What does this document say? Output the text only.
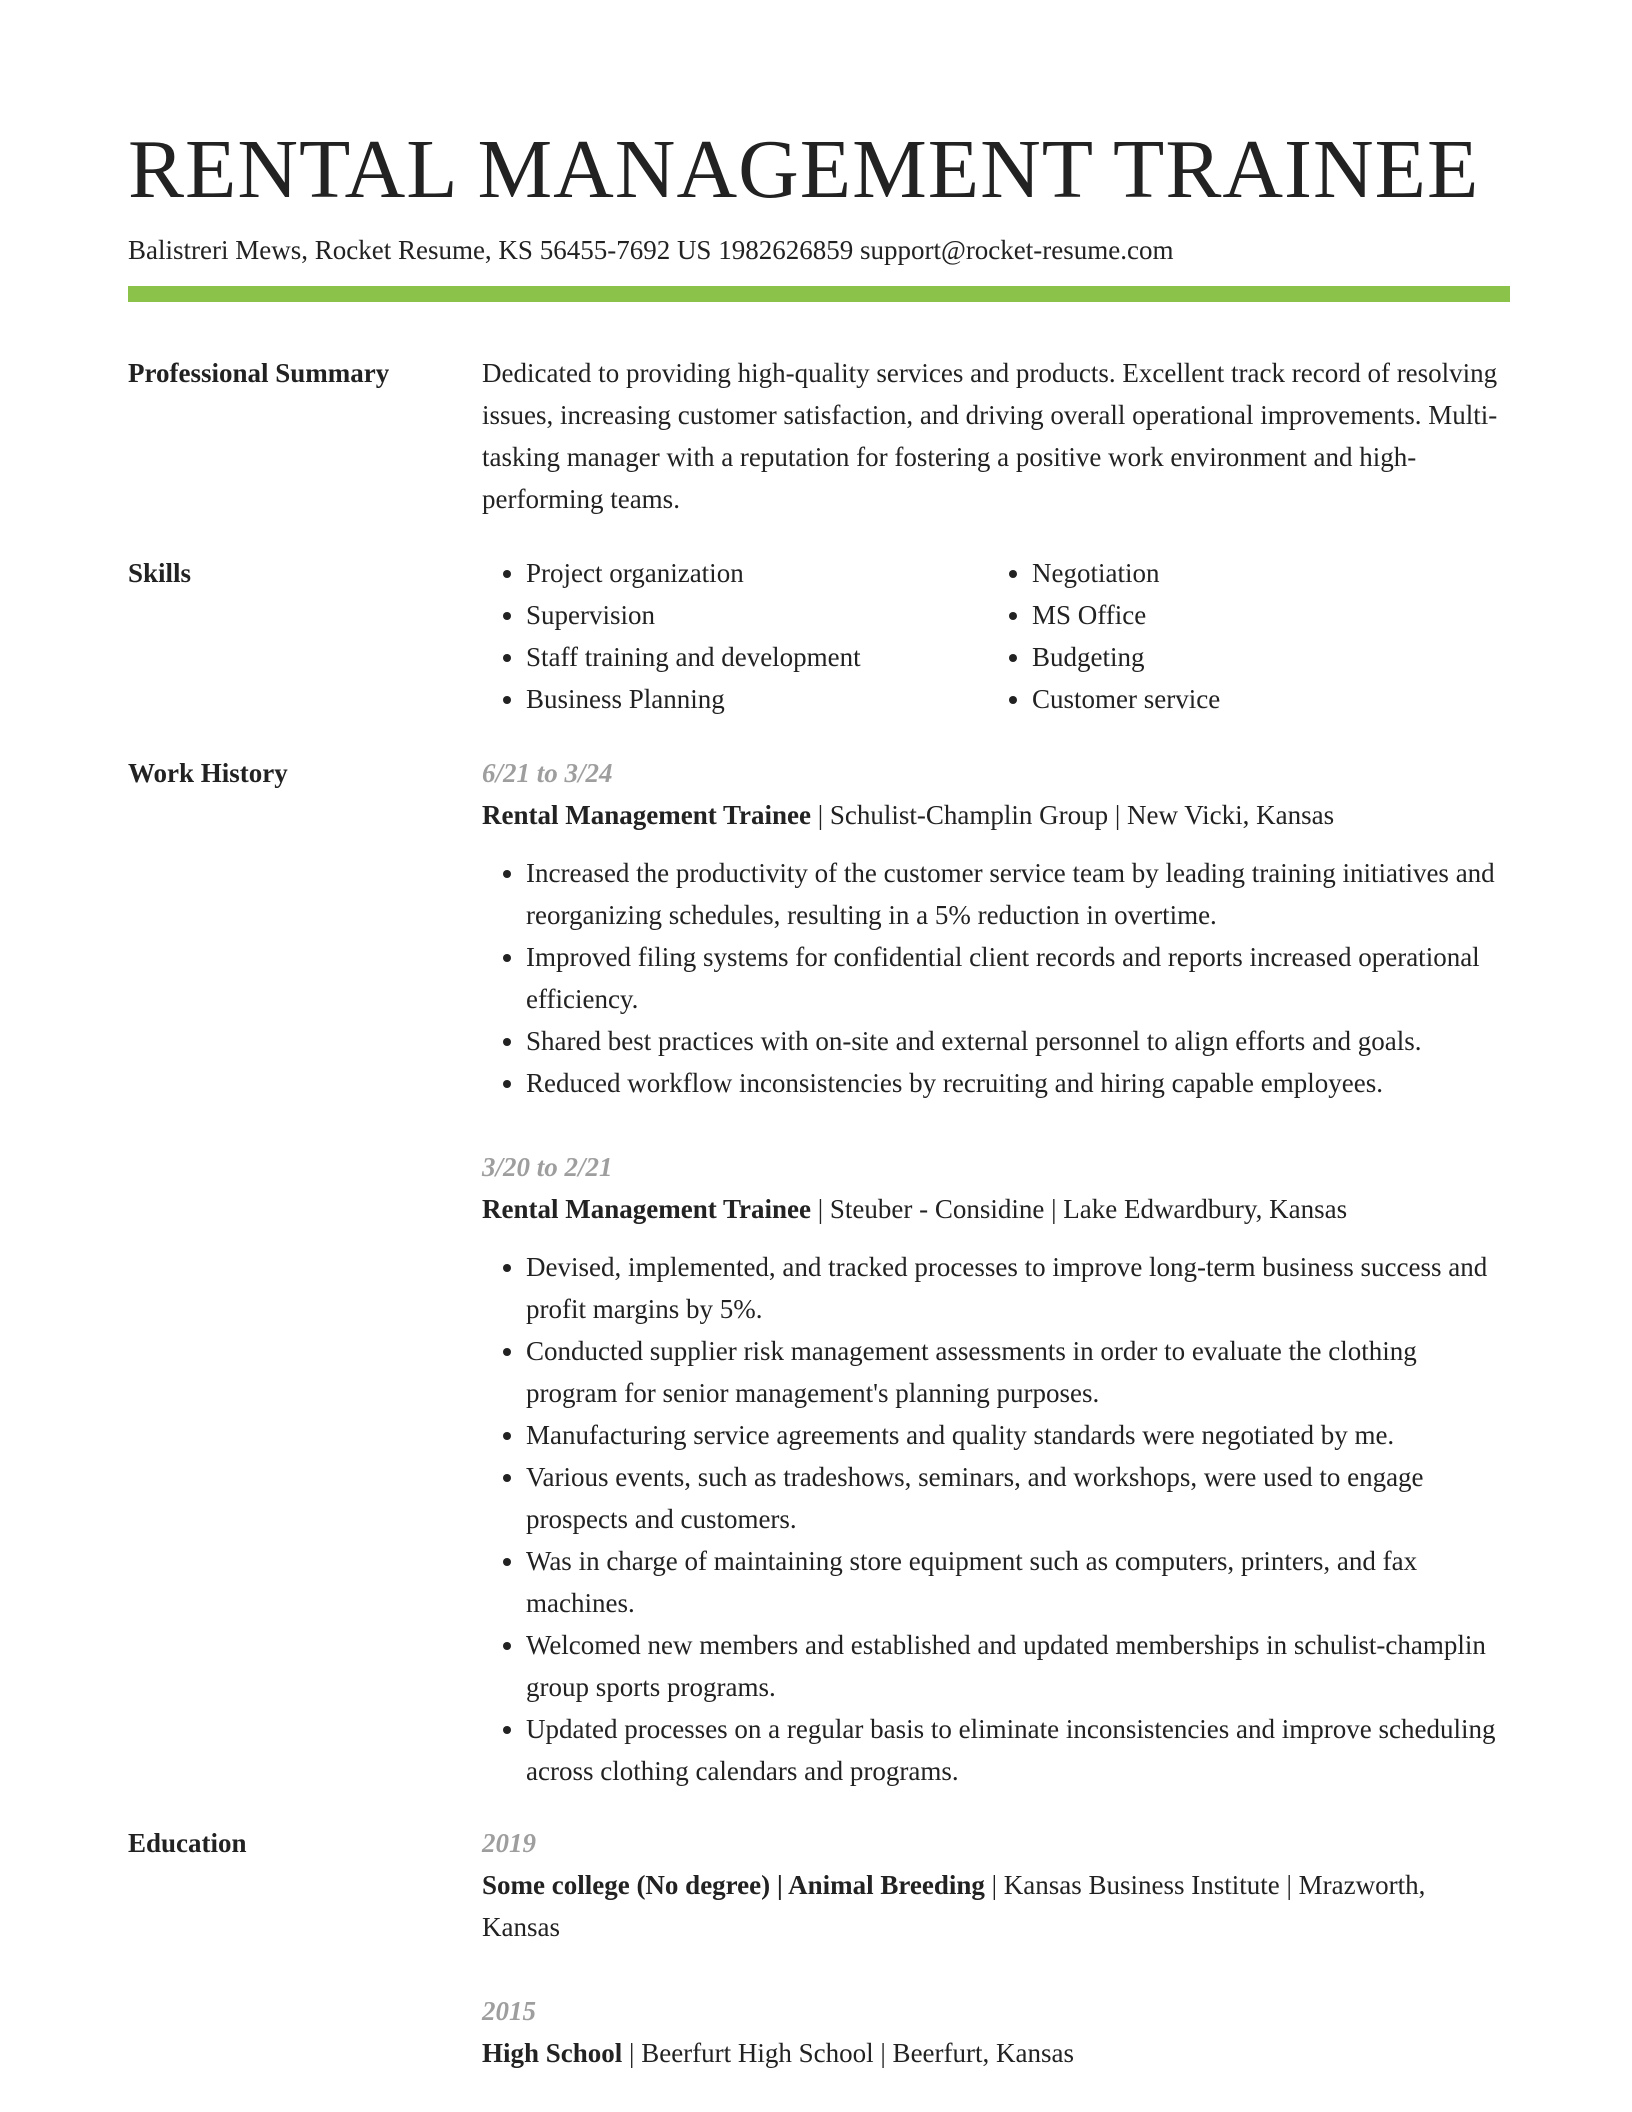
RENTAL MANAGEMENT TRAINEE
Balistreri Mews, Rocket Resume, KS 56455-7692 US 1982626859 support@rocket-resume.com
Professional Summary	Dedicated to providing high-quality services and products. Excellent track record of resolving issues, increasing customer satisfaction, and driving overall operational improvements. Multi-tasking manager with a reputation for fostering a positive work environment and high-performing teams.

Skills
•	Project organization
• Supervision
• Staff training and development
• Business Planning
• Negotiation
• MS Office
• Budgeting
• Customer service
Work History	6/21 to 3/24
Rental Management Trainee | Schulist-Champlin Group | New Vicki, Kansas
• Increased the productivity of the customer service team by leading training initiatives and reorganizing schedules, resulting in a 5% reduction in overtime.
• Improved filing systems for confidential client records and reports increased operational efficiency.
• Shared best practices with on-site and external personnel to align efforts and goals.
• Reduced workflow inconsistencies by recruiting and hiring capable employees.
3/20 to 2/21
Rental Management Trainee | Steuber - Considine | Lake Edwardbury, Kansas
• Devised, implemented, and tracked processes to improve long-term business success and profit margins by 5%.
• Conducted supplier risk management assessments in order to evaluate the clothing program for senior management's planning purposes.
• Manufacturing service agreements and quality standards were negotiated by me.
• Various events, such as tradeshows, seminars, and workshops, were used to engage prospects and customers.
• Was in charge of maintaining store equipment such as computers, printers, and fax machines.
• Welcomed new members and established and updated memberships in schulist-champlin group sports programs.
• Updated processes on a regular basis to eliminate inconsistencies and improve scheduling across clothing calendars and programs.
Education	2019
Some college (No degree) | Animal Breeding | Kansas Business Institute | Mrazworth, Kansas
2015
High School | Beerfurt High School | Beerfurt, Kansas
